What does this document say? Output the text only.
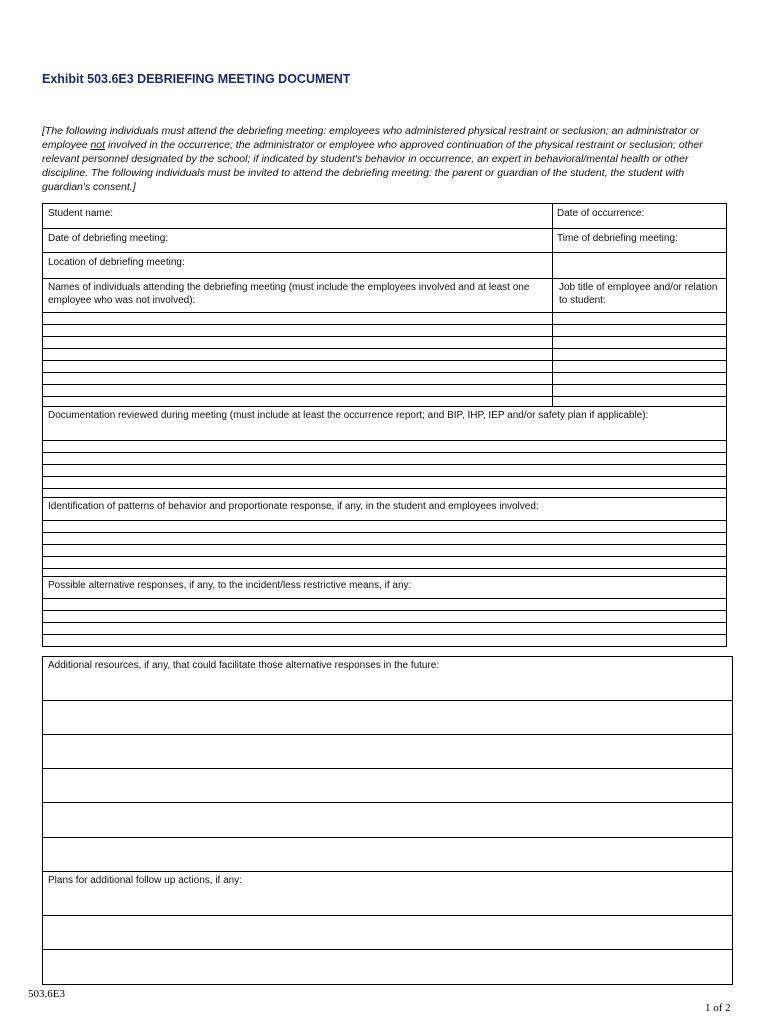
Exhibit 503.6E3 DEBRIEFING MEETING DOCUMENT
[The following individuals must attend the debriefing meeting: employees who administered physical restraint or seclusion; an administrator or employee not involved in the occurrence; the administrator or employee who approved continuation of the physical restraint or seclusion; other relevant personnel designated by the school; if indicated by student's behavior in occurrence, an expert in behavioral/mental health or other discipline. The following individuals must be invited to attend the debriefing meeting: the parent or guardian of the student, the student with guardian's consent.]
Student name:	Date of occurrence:
Date of debriefing meeting:	Time of debriefing meeting:
Location of debriefing meeting:
Names of individuals attending the debriefing meeting (must include the employees involved and at least one employee who was not involved):
Job title of employee and/or relation to student:
Documentation reviewed during meeting (must include at least the occurrence report; and BIP, IHP, IEP and/or safety plan if applicable):
Identification of patterns of behavior and proportionate response, if any, in the student and employees involved:
Possible alternative responses, if any, to the incident/less restrictive means, if any:
Additional resources, if any, that could facilitate those alternative responses in the future:
Plans for additional follow up actions, if any:
503.6E3
1 of 2
